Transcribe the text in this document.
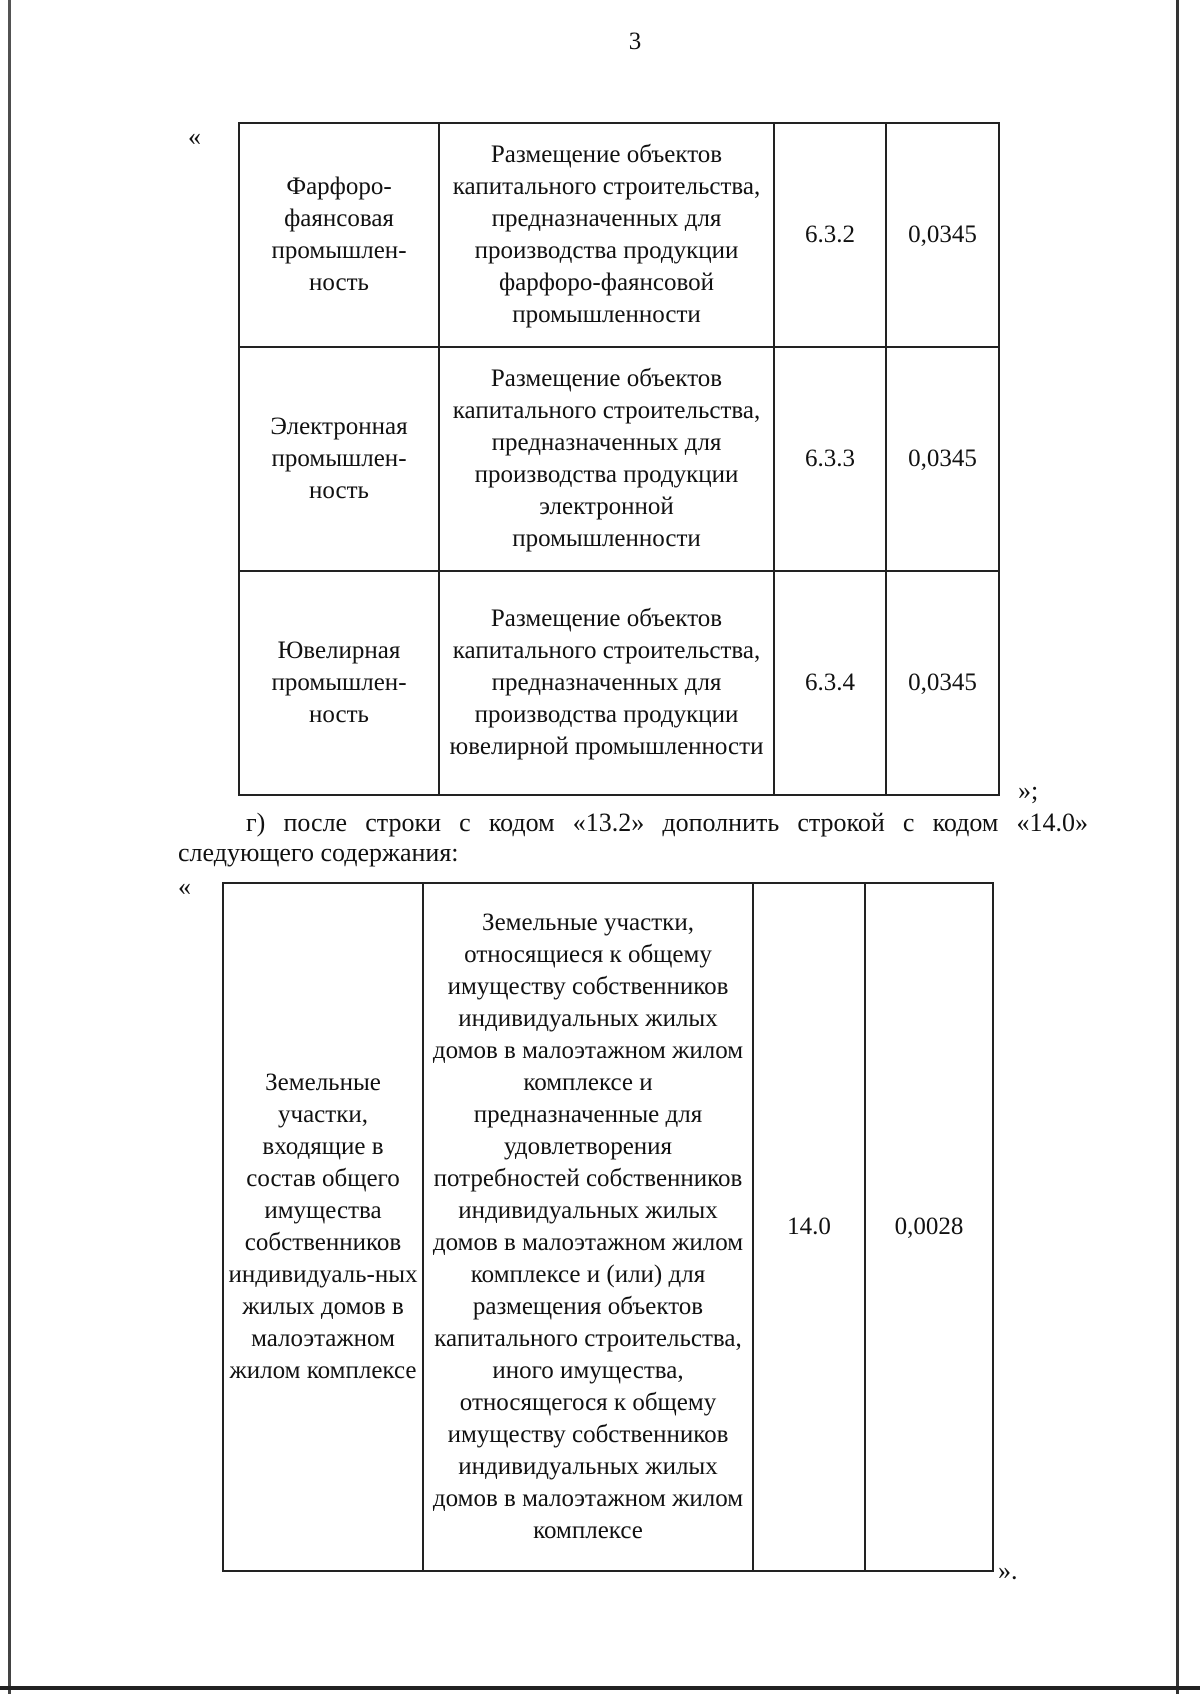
3
«
Фарфоро-фаянсовая промышлен-ность	Размещение объектов капитального строительства, предназначенных для производства продукции фарфоро-фаянсовой промышленности	6.3.2	0,0345
Электронная промышлен-ность	Размещение объектов капитального строительства, предназначенных для производства продукции электронной промышленности	6.3.3	0,0345
Ювелирная промышлен-ность	Размещение объектов капитального строительства, предназначенных для производства продукции ювелирной промышленности	6.3.4	0,0345
»;
г) после строки с кодом «13.2» дополнить строкой с кодом «14.0»
следующего содержания:
«
Земельные участки, входящие в состав общего имущества собственников индивидуаль-ных жилых домов в малоэтажном жилом комплексе	Земельные участки, относящиеся к общему имуществу собственников индивидуальных жилых домов в малоэтажном жилом комплексе и предназначенные для удовлетворения потребностей собственников индивидуальных жилых домов в малоэтажном жилом комплексе и (или) для размещения объектов капитального строительства, иного имущества, относящегося к общему имуществу собственников индивидуальных жилых домов в малоэтажном жилом комплексе	14.0	0,0028
».
